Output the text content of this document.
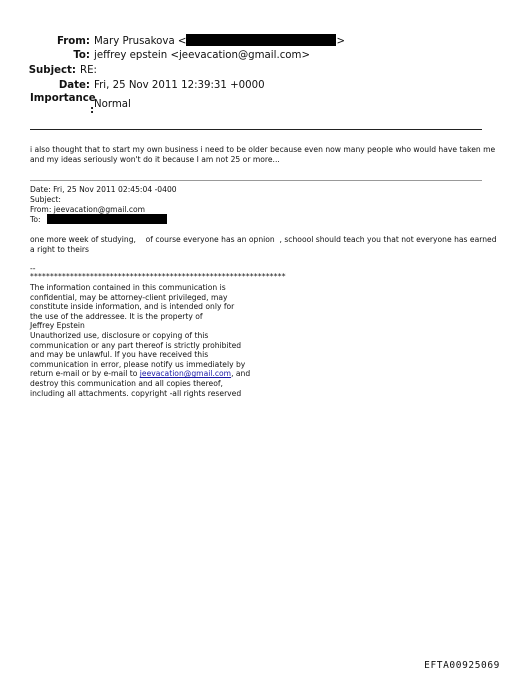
From: Mary Prusakova <	>
To: jeffrey epstein <jeevacation@gmail.com>
Subject: RE:
Date: Fri, 25 Nov 2011 12:39:31 +0000
Importance
:
Normal
i also thought that to start my own business i need to be older because even now many people who would have taken me
and my ideas seriously won't do it because I am not 25 or more...
Date: Fri, 25 Nov 2011 02:45:04 -0400
Subject:
From: jeevacation@gmail.com
To:
one more week of studying,    of course everyone has an opnion  , schoool should teach you that not everyone has earned
a right to theirs
--
****************************************************************
The information contained in this communication is
confidential, may be attorney-client privileged, may
constitute inside information, and is intended only for
the use of the addressee. It is the property of
Jeffrey Epstein
Unauthorized use, disclosure or copying of this
communication or any part thereof is strictly prohibited
and may be unlawful. If you have received this
communication in error, please notify us immediately by
return e-mail or by e-mail to jeevacation@gmail.com, and
destroy this communication and all copies thereof,
including all attachments. copyright -all rights reserved
EFTA00925069
